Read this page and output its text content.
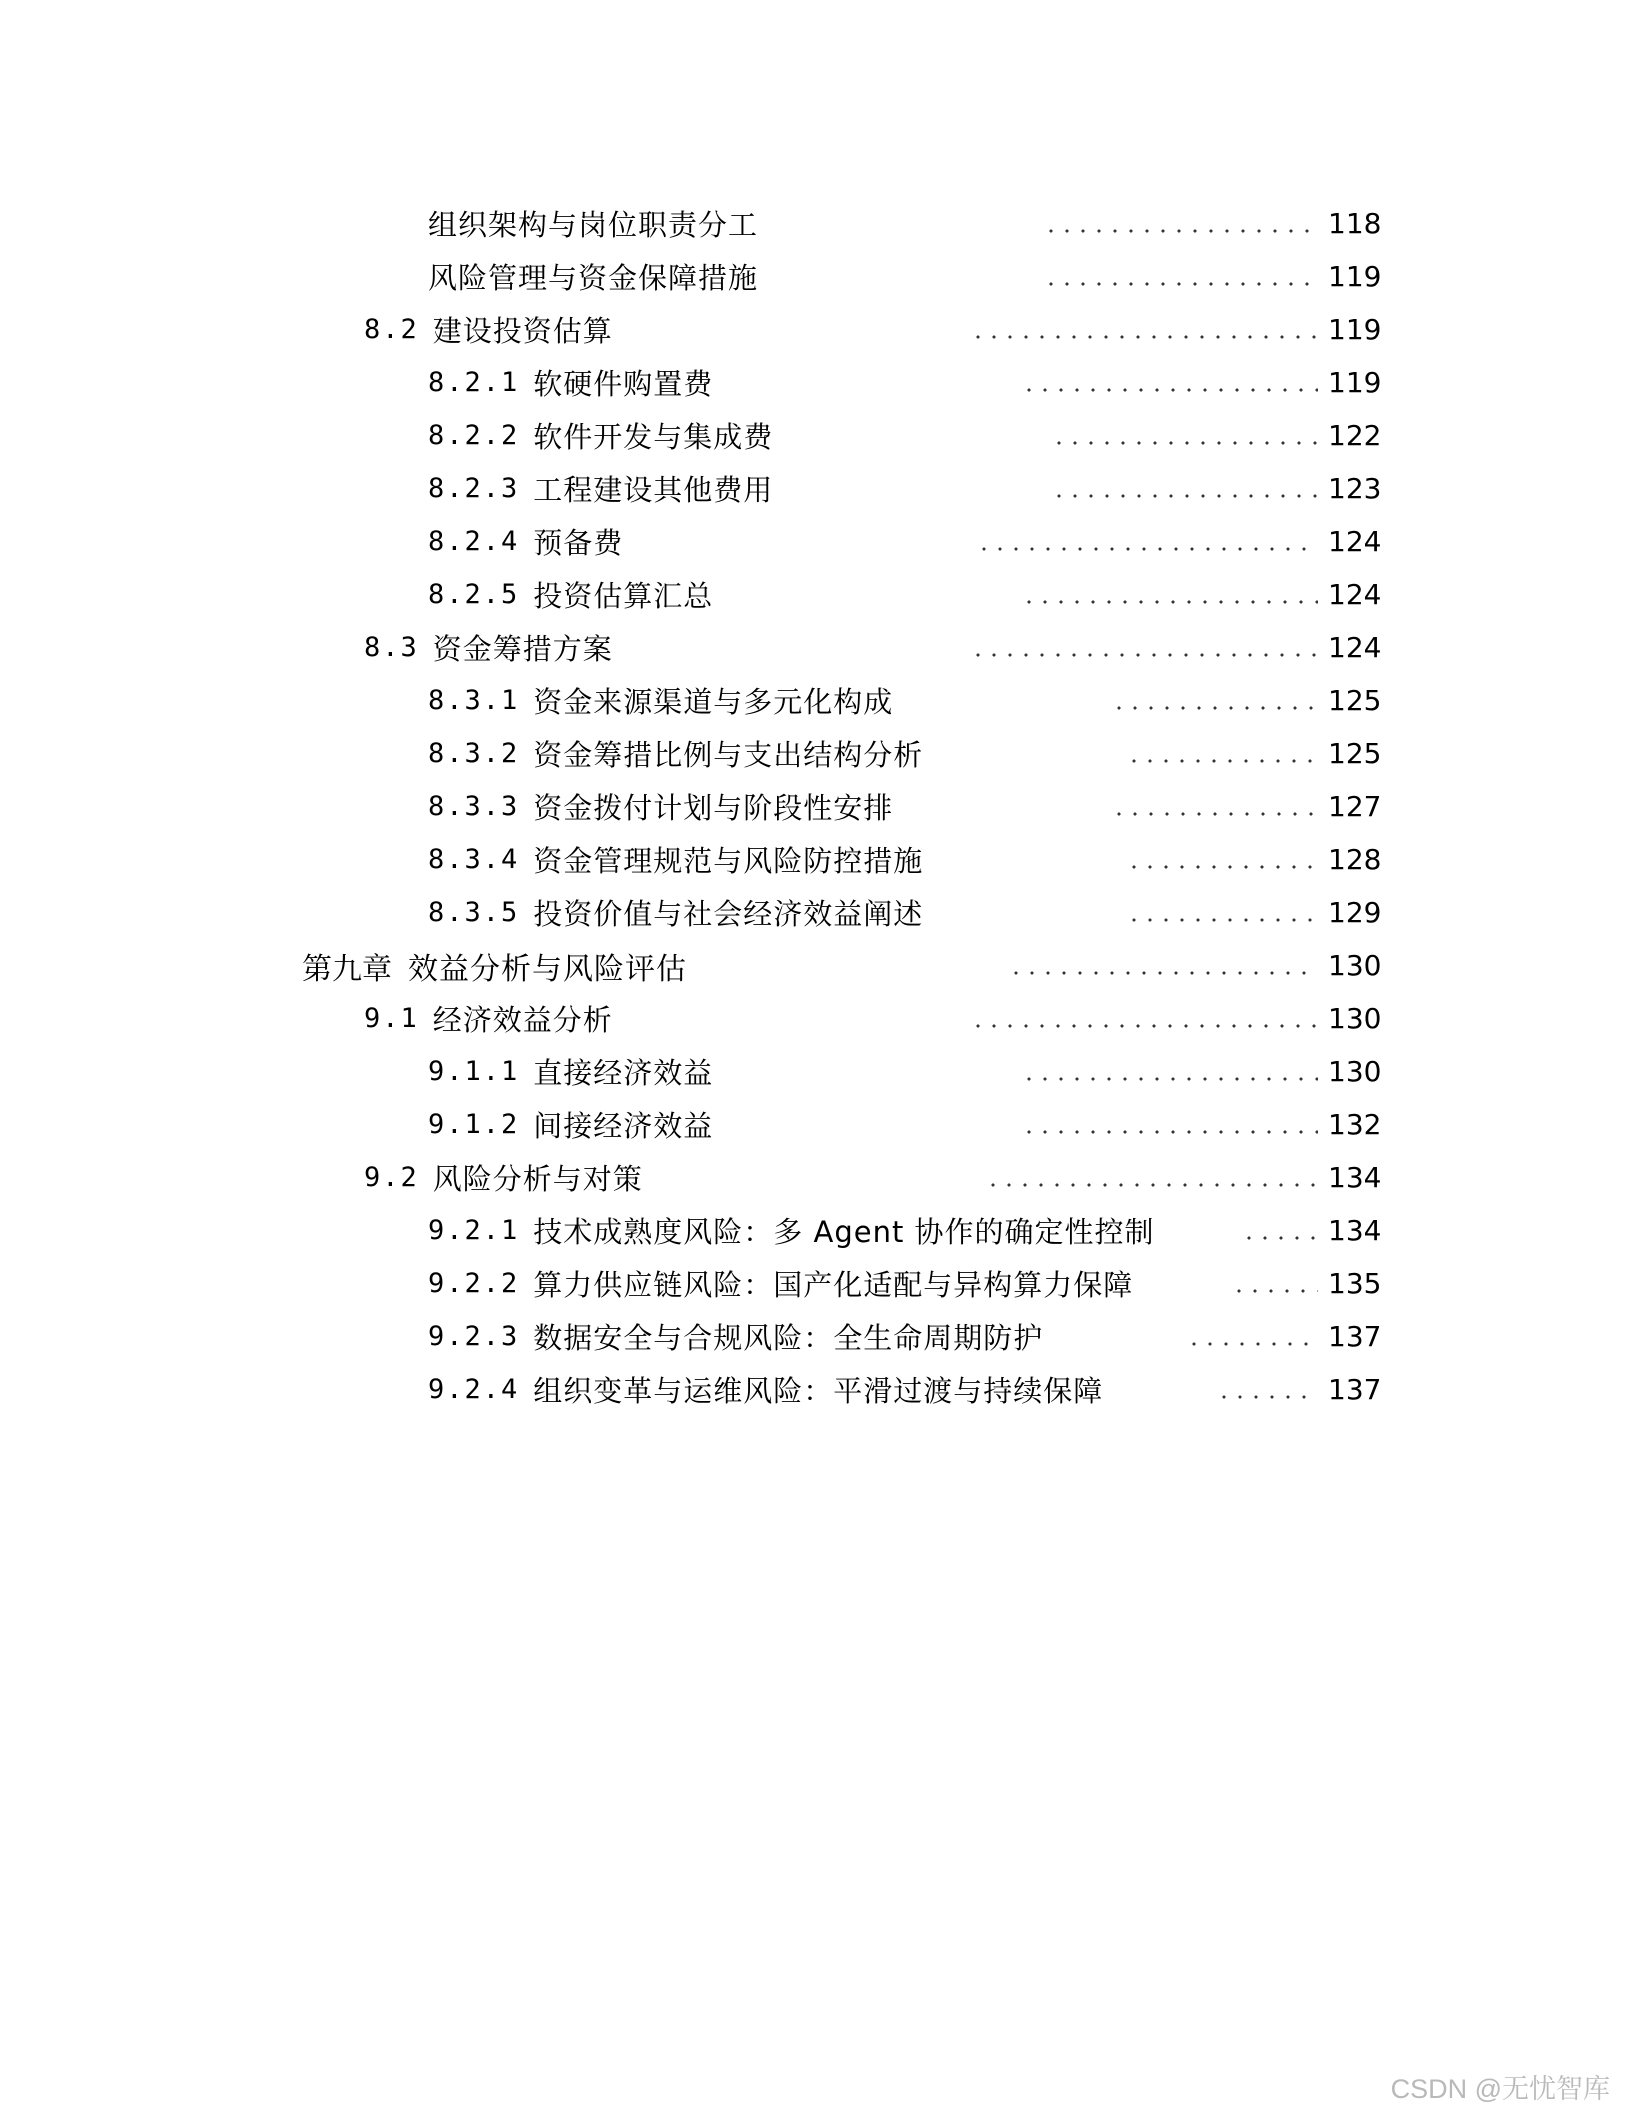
组织架构与岗位职责分工	118
风险管理与资金保障措施	119
8.2 建设投资估算	119
8.2.1 软硬件购置费	119
8.2.2 软件开发与集成费	122
8.2.3 工程建设其他费用	123
8.2.4 预备费	124
8.2.5 投资估算汇总	124
8.3 资金筹措方案	124
8.3.1 资金来源渠道与多元化构成	125
8.3.2 资金筹措比例与支出结构分析	125
8.3.3 资金拨付计划与阶段性安排	127
8.3.4 资金管理规范与风险防控措施	128
8.3.5 投资价值与社会经济效益阐述	129
第九章 效益分析与风险评估	130
9.1 经济效益分析	130
9.1.1 直接经济效益	130
9.1.2 间接经济效益	132
9.2 风险分析与对策	134
9.2.1 技术成熟度风险：多 Agent 协作的确定性控制	134
9.2.2 算力供应链风险：国产化适配与异构算力保障	135
9.2.3 数据安全与合规风险：全生命周期防护	137
9.2.4 组织变革与运维风险：平滑过渡与持续保障	137
CSDN @无忧智库
